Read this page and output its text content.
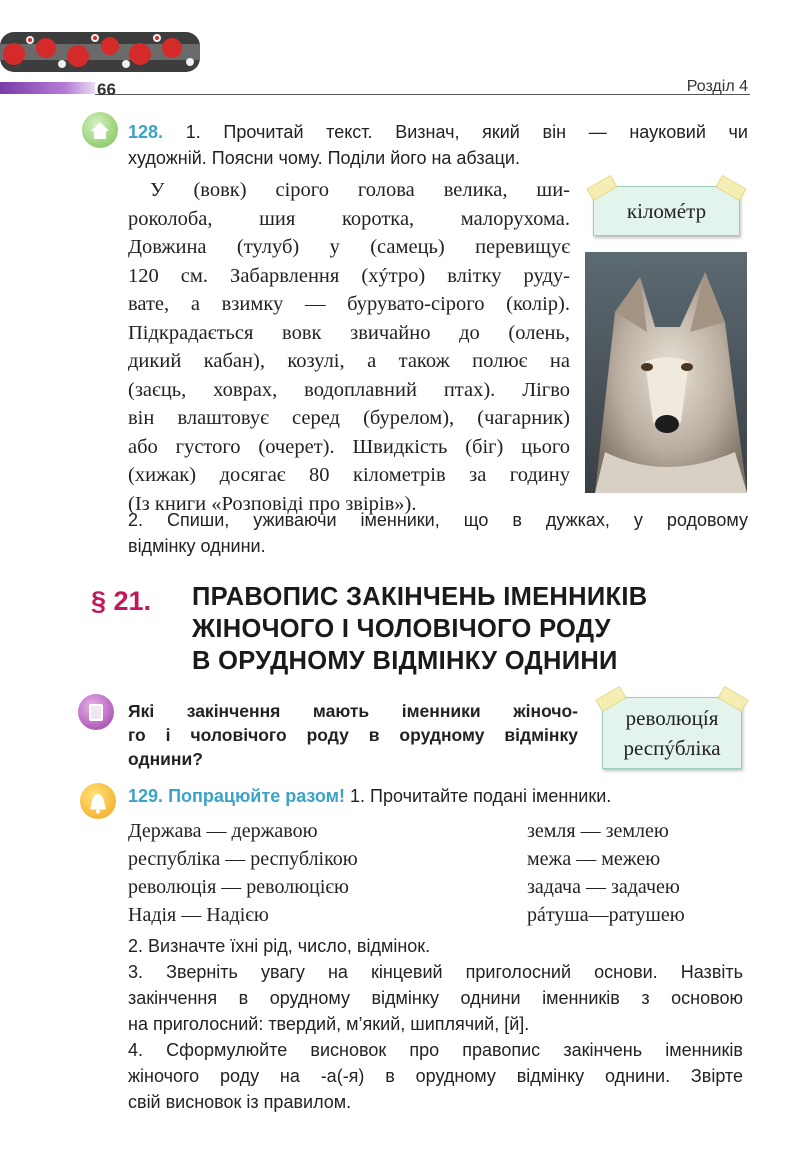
66	Розділ 4
128. 1. Прочитай текст. Визнач, який він — науковий чи
художній. Поясни чому. Поділи його на абзаци.
У (вовк) сірого голова велика, ши-
роколоба, шия коротка, малорухома.
Довжина (тулуб) у (самець) перевищує
120 см. Забарвлення (хýтро) влітку руду-
вате, а взимку — бурувато-сірого (колір).
Підкрадається вовк звичайно до (олень,
дикий кабан), козулі, а також полює на
(заєць, ховрах, водоплавний птах). Лігво
він влаштовує серед (бурелом), (чагарник)
або густого (очерет). Швидкість (біг) цього
(хижак) досягає 80 кілометрів за годину
(Із книги «Розповіді про звірів»).
кіломéтр
2. Спиши, уживаючи іменники, що в дужках, у родовому
відмінку однини.
§ 21. ПРАВОПИС ЗАКІНЧЕНЬ ІМЕННИКІВ
ЖІНОЧОГО І ЧОЛОВІЧОГО РОДУ
В ОРУДНОМУ ВІДМІНКУ ОДНИНИ
Які закінчення мають іменники жіночо-
го і чоловічого роду в орудному відмінку
однини?
революцíя
респýбліка
129. Попрацюйте разом! 1. Прочитайте подані іменники.
Держава — державою
республіка — республікою
революція — революцією
Надія — Надією
земля — землею
межа — межею
задача — задачею
рáтуша—ратушею
2. Визначте їхні рід, число, відмінок.
3. Зверніть увагу на кінцевий приголосний основи. Назвіть
закінчення в орудному відмінку однини іменників з основою
на приголосний: твердий, м’який, шиплячий, [й].
4. Сформулюйте висновок про правопис закінчень іменників
жіночого роду на -а(-я) в орудному відмінку однини. Звірте
свій висновок із правилом.
